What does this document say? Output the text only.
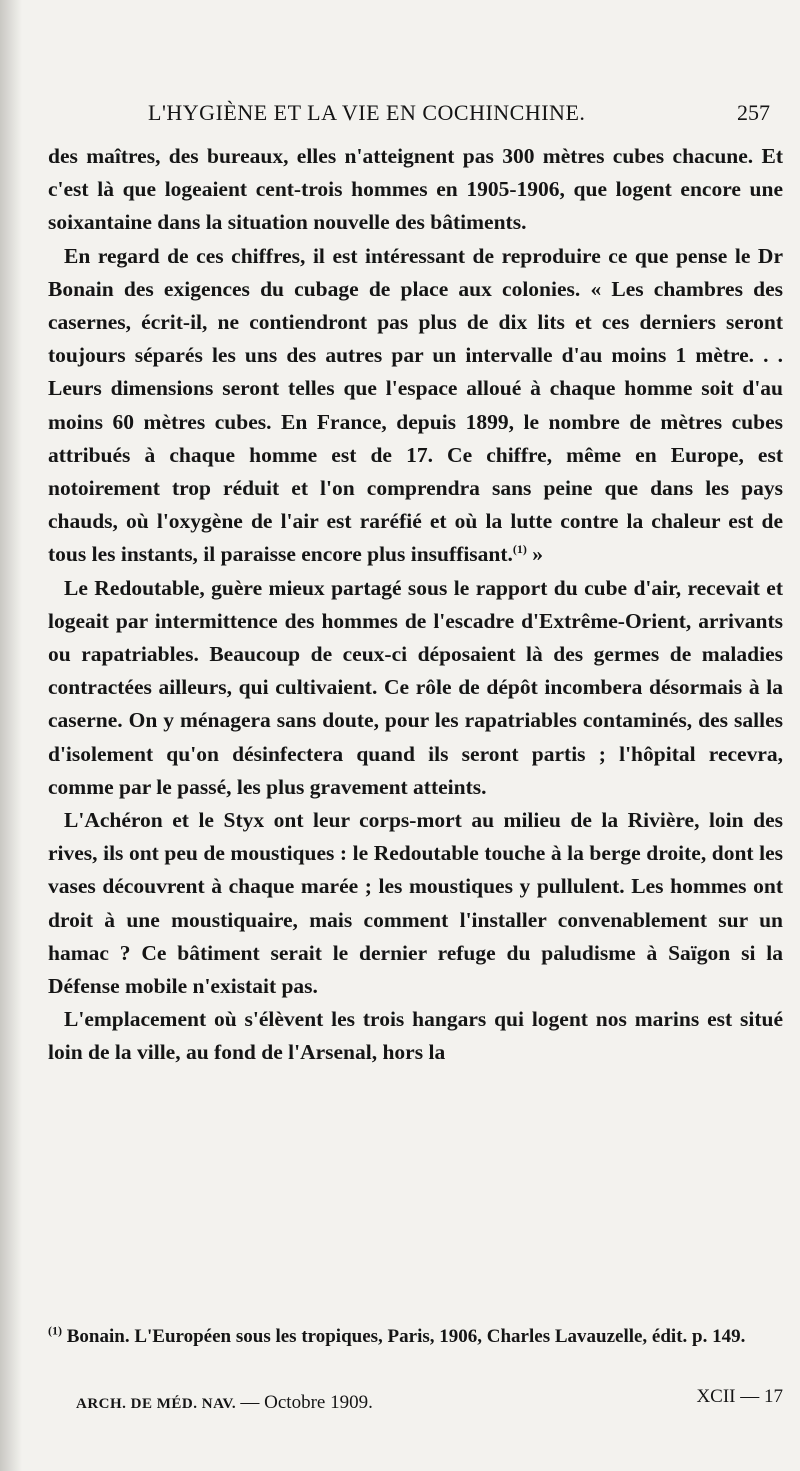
L'HYGIÈNE ET LA VIE EN COCHINCHINE.	257

des maîtres, des bureaux, elles n'atteignent pas 300 mètres cubes chacune. Et c'est là que logeaient cent-trois hommes en 1905-1906, que logent encore une soixantaine dans la situation nouvelle des bâtiments.

En regard de ces chiffres, il est intéressant de reproduire ce que pense le Dr Bonain des exigences du cubage de place aux colonies. « Les chambres des casernes, écrit-il, ne contiendront pas plus de dix lits et ces derniers seront toujours séparés les uns des autres par un intervalle d'au moins 1 mètre. . . Leurs dimensions seront telles que l'espace alloué à chaque homme soit d'au moins 60 mètres cubes. En France, depuis 1899, le nombre de mètres cubes attribués à chaque homme est de 17. Ce chiffre, même en Europe, est notoirement trop réduit et l'on comprendra sans peine que dans les pays chauds, où l'oxygène de l'air est raréfié et où la lutte contre la chaleur est de tous les instants, il paraisse encore plus insuffisant.$^{(1)}$ »

Le Redoutable, guère mieux partagé sous le rapport du cube d'air, recevait et logeait par intermittence des hommes de l'escadre d'Extrême-Orient, arrivants ou rapatriables. Beaucoup de ceux-ci déposaient là des germes de maladies contractées ailleurs, qui cultivaient. Ce rôle de dépôt incombera désormais à la caserne. On y ménagera sans doute, pour les rapatriables contaminés, des salles d'isolement qu'on désinfectera quand ils seront partis ; l'hôpital recevra, comme par le passé, les plus gravement atteints.

L'Achéron et le Styx ont leur corps-mort au milieu de la Rivière, loin des rives, ils ont peu de moustiques : le Redoutable touche à la berge droite, dont les vases découvrent à chaque marée ; les moustiques y pullulent. Les hommes ont droit à une moustiquaire, mais comment l'installer convenablement sur un hamac ? Ce bâtiment serait le dernier refuge du paludisme à Saïgon si la Défense mobile n'existait pas.

L'emplacement où s'élèvent les trois hangars qui logent nos marins est situé loin de la ville, au fond de l'Arsenal, hors la

$^{(1)}$ Bonain. L'Européen sous les tropiques, Paris, 1906, Charles Lavauzelle, édit. p. 149.
ARCH. DE MÉD. NAV. — Octobre 1909.	XCII — 17
